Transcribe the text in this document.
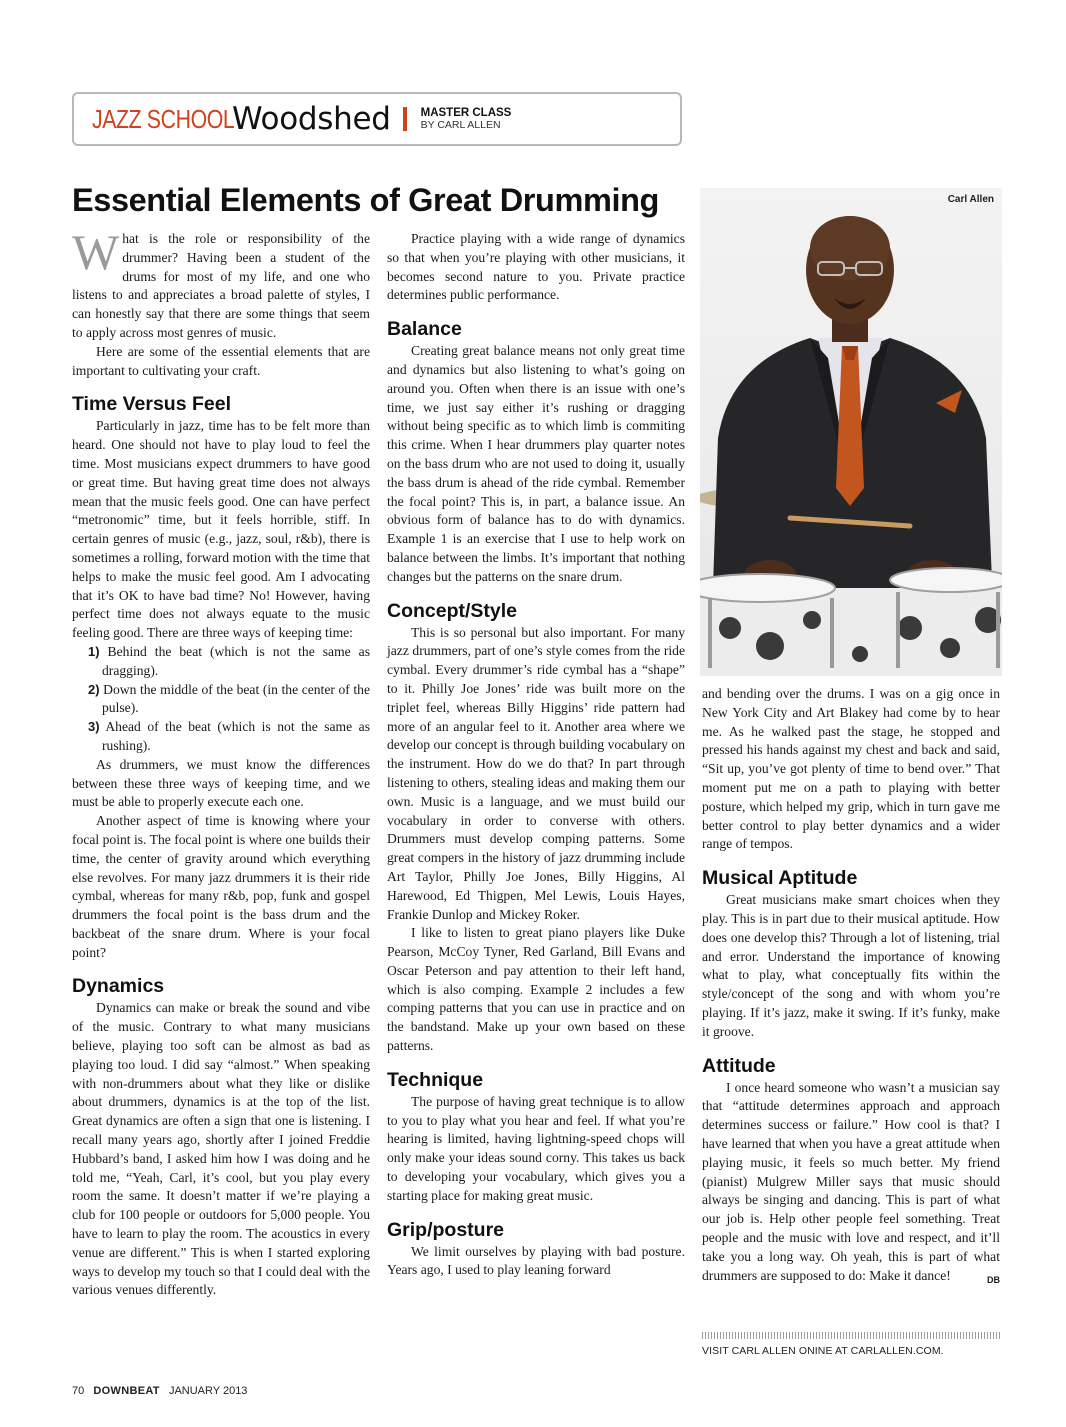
JAZZ SCHOOL
Woodshed	MASTER CLASS
BY CARL ALLEN
Essential Elements of Great Drumming

What is the role or responsibility of the drummer? Having been a student of the drums for most of my life, and one who listens to and appreciates a broad palette of styles, I can honestly say that there are some things that seem to apply across most genres of music.

Here are some of the essential elements that are important to cultivating your craft.

Time Versus Feel

Particularly in jazz, time has to be felt more than heard. One should not have to play loud to feel the time. Most musicians expect drummers to have good or great time. But having great time does not always mean that the music feels good. One can have perfect “metronomic” time, but it feels horrible, stiff. In certain genres of music (e.g., jazz, soul, r&b), there is sometimes a rolling, forward motion with the time that helps to make the music feel good. Am I advocating that it’s OK to have bad time? No! However, having perfect time does not always equate to the music feeling good. There are three ways of keeping time:

1) Behind the beat (which is not the same as dragging).
2) Down the middle of the beat (in the center of the pulse).
3) Ahead of the beat (which is not the same as rushing).

As drummers, we must know the differences between these three ways of keeping time, and we must be able to properly execute each one.

Another aspect of time is knowing where your focal point is. The focal point is where one builds their time, the center of gravity around which everything else revolves. For many jazz drummers it is their ride cymbal, whereas for many r&b, pop, funk and gospel drummers the focal point is the bass drum and the backbeat of the snare drum. Where is your focal point?

Dynamics

Dynamics can make or break the sound and vibe of the music. Contrary to what many musicians believe, playing too soft can be almost as bad as playing too loud. I did say “almost.” When speaking with non-drummers about what they like or dislike about drummers, dynamics is at the top of the list. Great dynamics are often a sign that one is listening. I recall many years ago, shortly after I joined Freddie Hubbard’s band, I asked him how I was doing and he told me, “Yeah, Carl, it’s cool, but you play every room the same. It doesn’t matter if we’re playing a club for 100 people or outdoors for 5,000 people. You have to learn to play the room. The acoustics in every venue are different.” This is when I started exploring ways to develop my touch so that I could deal with the various venues differently.

Practice playing with a wide range of dynamics so that when you’re playing with other musicians, it becomes second nature to you. Private practice determines public performance.

Balance

Creating great balance means not only great time and dynamics but also listening to what’s going on around you. Often when there is an issue with one’s time, we just say either it’s rushing or dragging without being specific as to which limb is commiting this crime. When I hear drummers play quarter notes on the bass drum who are not used to doing it, usually the bass drum is ahead of the ride cymbal. Remember the focal point? This is, in part, a balance issue. An obvious form of balance has to do with dynamics. Example 1 is an exercise that I use to help work on balance between the limbs. It’s important that nothing changes but the patterns on the snare drum.

Concept/Style

This is so personal but also important. For many jazz drummers, part of one’s style comes from the ride cymbal. Every drummer’s ride cymbal has a “shape” to it. Philly Joe Jones’ ride was built more on the triplet feel, whereas Billy Higgins’ ride pattern had more of an angular feel to it. Another area where we develop our concept is through building vocabulary on the instrument. How do we do that? In part through listening to others, stealing ideas and making them our own. Music is a language, and we must build our vocabulary in order to converse with others. Drummers must develop comping patterns. Some great compers in the history of jazz drumming include Art Taylor, Philly Joe Jones, Billy Higgins, Al Harewood, Ed Thigpen, Mel Lewis, Louis Hayes, Frankie Dunlop and Mickey Roker.

I like to listen to great piano players like Duke Pearson, McCoy Tyner, Red Garland, Bill Evans and Oscar Peterson and pay attention to their left hand, which is also comping. Example 2 includes a few comping patterns that you can use in practice and on the bandstand. Make up your own based on these patterns.

Technique

The purpose of having great technique is to allow to you to play what you hear and feel. If what you’re hearing is limited, having lightning-speed chops will only make your ideas sound corny. This takes us back to developing your vocabulary, which gives you a starting place for making great music.

Grip/posture

We limit ourselves by playing with bad posture. Years ago, I used to play leaning forward

Carl Allen

and bending over the drums. I was on a gig once in New York City and Art Blakey had come by to hear me. As he walked past the stage, he stopped and pressed his hands against my chest and back and said, “Sit up, you’ve got plenty of time to bend over.” That moment put me on a path to playing with better posture, which helped my grip, which in turn gave me better control to play better dynamics and a wider range of tempos.

Musical Aptitude

Great musicians make smart choices when they play. This is in part due to their musical aptitude. How does one develop this? Through a lot of listening, trial and error. Understand the importance of knowing what to play, what conceptually fits within the style/concept of the song and with whom you’re playing. If it’s jazz, make it swing. If it’s funky, make it groove.

Attitude

I once heard someone who wasn’t a musician say that “attitude determines approach and approach determines success or failure.” How cool is that? I have learned that when you have a great attitude when playing music, it feels so much better. My friend (pianist) Mulgrew Miller says that music should always be singing and dancing. This is part of what our job is. Help other people feel something. Treat people and the music with love and respect, and it’ll take you a long way. Oh yeah, this is part of what drummers are supposed to do: Make it dance!	DB

VISIT CARL ALLEN ONINE AT CARLALLEN.COM.
70 DOWNBEAT JANUARY 2013
